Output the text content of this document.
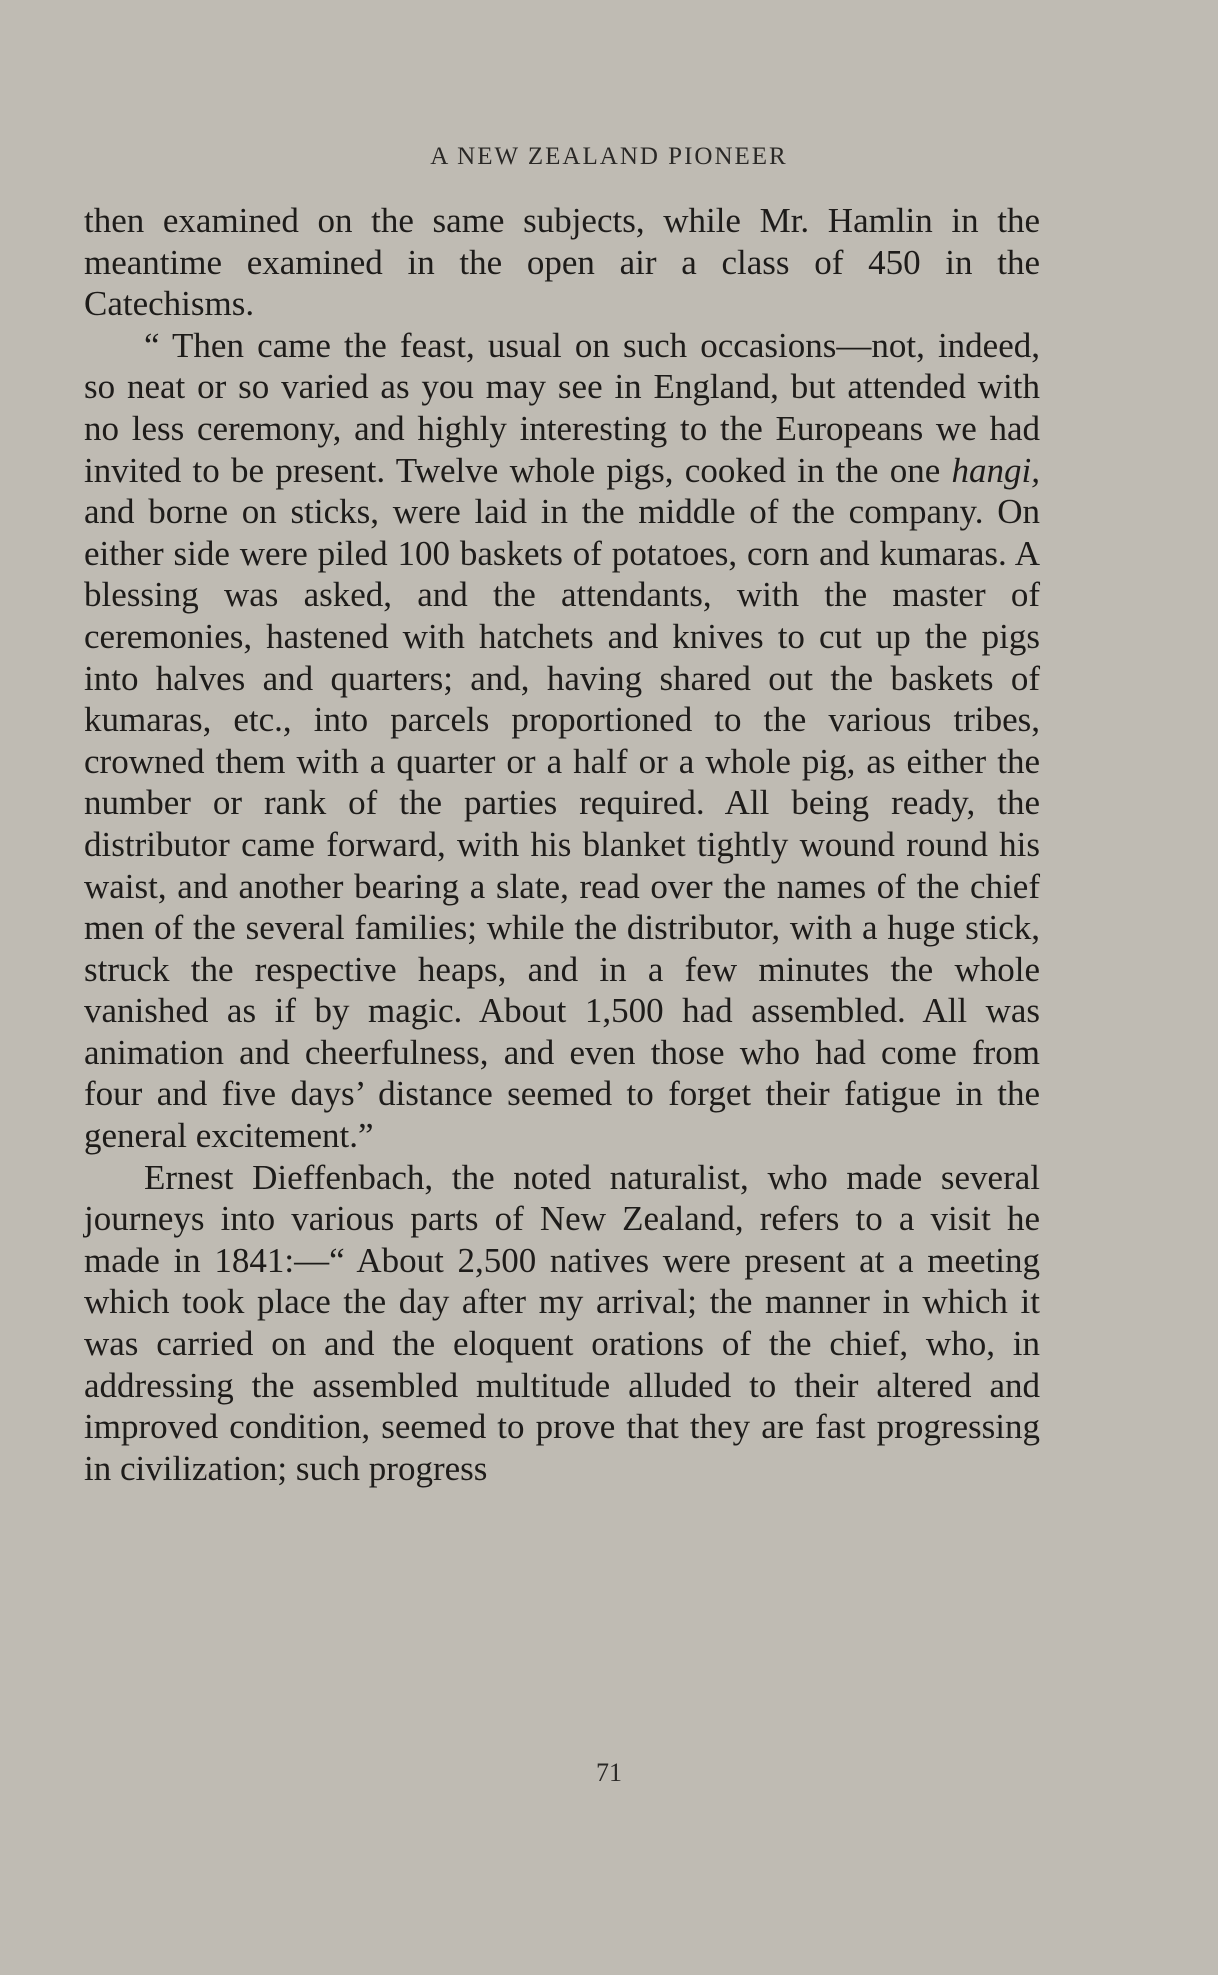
A NEW ZEALAND PIONEER

then examined on the same subjects, while Mr. Hamlin in the meantime examined in the open air a class of 450 in the Catechisms.

“ Then came the feast, usual on such occasions—not, indeed, so neat or so varied as you may see in England, but attended with no less ceremony, and highly interesting to the Europeans we had invited to be present. Twelve whole pigs, cooked in the one hangi, and borne on sticks, were laid in the middle of the company. On either side were piled 100 baskets of potatoes, corn and kumaras. A blessing was asked, and the attendants, with the master of ceremonies, hastened with hatchets and knives to cut up the pigs into halves and quarters; and, having shared out the baskets of kumaras, etc., into parcels proportioned to the various tribes, crowned them with a quarter or a half or a whole pig, as either the number or rank of the parties required. All being ready, the distributor came forward, with his blanket tightly wound round his waist, and another bearing a slate, read over the names of the chief men of the several families; while the distributor, with a huge stick, struck the respective heaps, and in a few minutes the whole vanished as if by magic. About 1,500 had assembled. All was animation and cheerfulness, and even those who had come from four and five days’ distance seemed to forget their fatigue in the general excitement.”

Ernest Dieffenbach, the noted naturalist, who made several journeys into various parts of New Zealand, refers to a visit he made in 1841:—“ About 2,500 natives were present at a meeting which took place the day after my arrival; the manner in which it was carried on and the eloquent orations of the chief, who, in addressing the assembled multitude alluded to their altered and improved condition, seemed to prove that they are fast progressing in civilization; such progress

71
